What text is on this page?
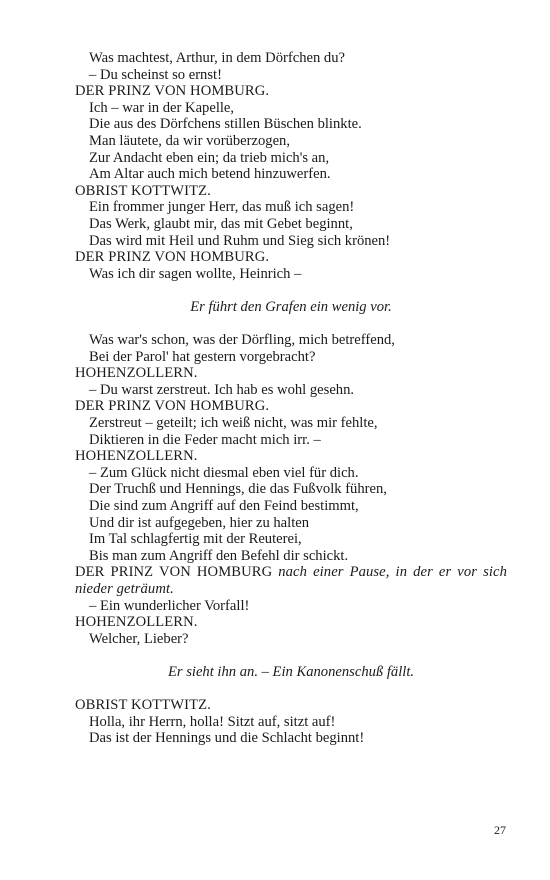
Was machtest, Arthur, in dem Dörfchen du?
– Du scheinst so ernst!
DER PRINZ VON HOMBURG.
Ich – war in der Kapelle,
Die aus des Dörfchens stillen Büschen blinkte.
Man läutete, da wir vorüberzogen,
Zur Andacht eben ein; da trieb mich's an,
Am Altar auch mich betend hinzuwerfen.
OBRIST KOTTWITZ.
Ein frommer junger Herr, das muß ich sagen!
Das Werk, glaubt mir, das mit Gebet beginnt,
Das wird mit Heil und Ruhm und Sieg sich krönen!
DER PRINZ VON HOMBURG.
Was ich dir sagen wollte, Heinrich –
Er führt den Grafen ein wenig vor.
Was war's schon, was der Dörfling, mich betreffend,
Bei der Parol' hat gestern vorgebracht?
HOHENZOLLERN.
– Du warst zerstreut. Ich hab es wohl gesehn.
DER PRINZ VON HOMBURG.
Zerstreut – geteilt; ich weiß nicht, was mir fehlte,
Diktieren in die Feder macht mich irr. –
HOHENZOLLERN.
– Zum Glück nicht diesmal eben viel für dich.
Der Truchß und Hennings, die das Fußvolk führen,
Die sind zum Angriff auf den Feind bestimmt,
Und dir ist aufgegeben, hier zu halten
Im Tal schlagfertig mit der Reuterei,
Bis man zum Angriff den Befehl dir schickt.
DER PRINZ VON HOMBURG nach einer Pause, in der er vor sich nieder geträumt.
– Ein wunderlicher Vorfall!
HOHENZOLLERN.
Welcher, Lieber?
Er sieht ihn an. – Ein Kanonenschuß fällt.
OBRIST KOTTWITZ.
Holla, ihr Herrn, holla! Sitzt auf, sitzt auf!
Das ist der Hennings und die Schlacht beginnt!
27
